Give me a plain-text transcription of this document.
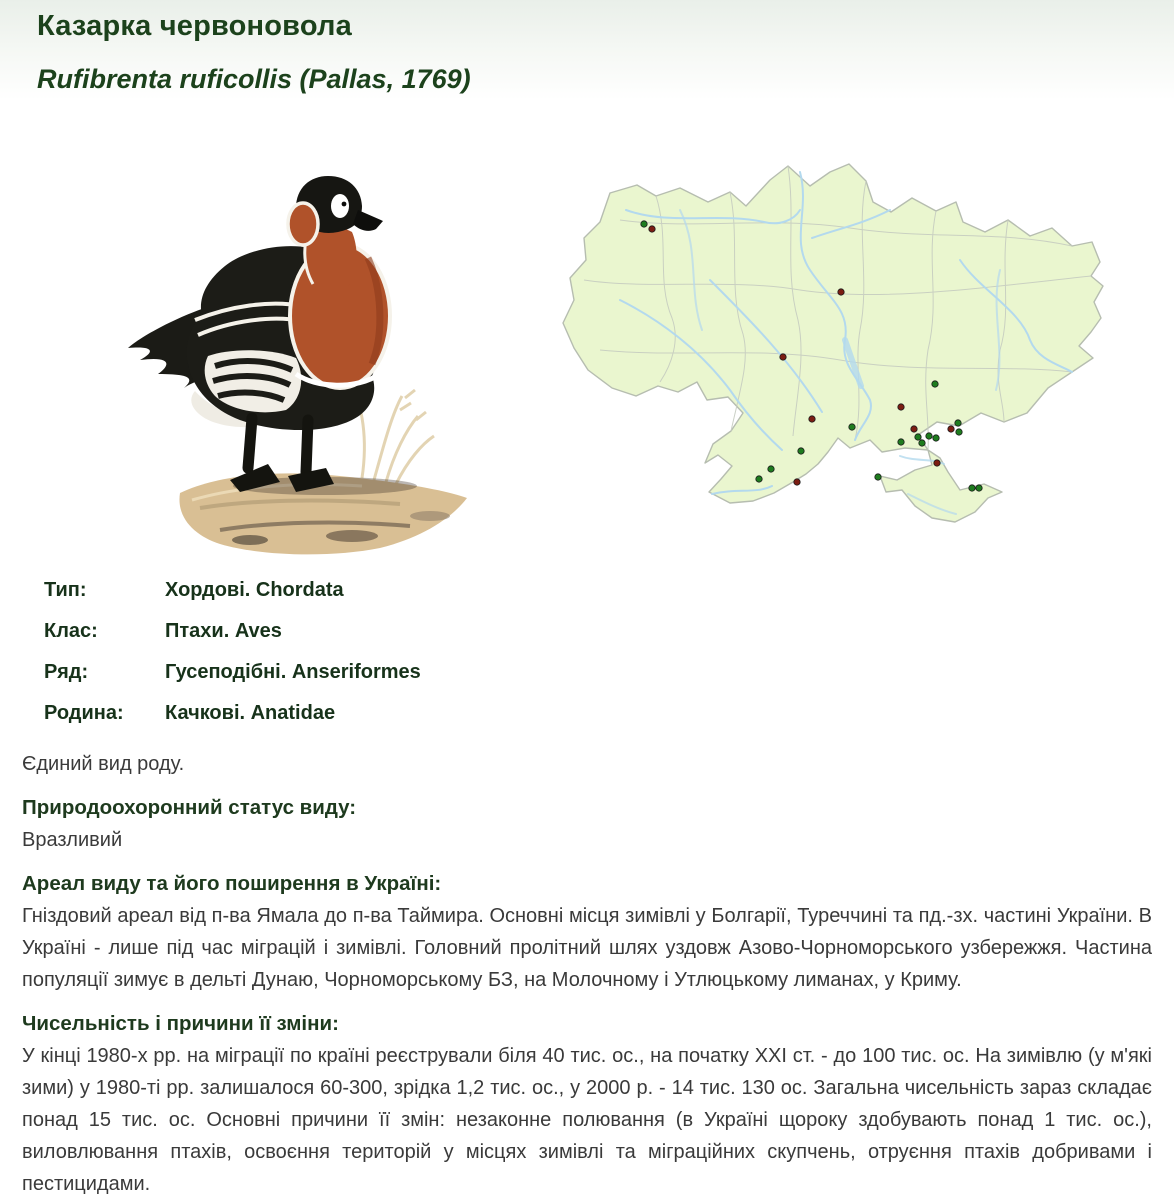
Казарка червоновола
Rufibrenta ruficollis (Pallas, 1769)
Тип:	Хордові. Chordata
Клас:	Птахи. Aves
Ряд:	Гусеподібні. Anseriformes
Родина:	Качкові. Anatidae

Єдиний вид роду.

Природоохоронний статус виду:

Вразливий

Ареал виду та його поширення в Україні:

Гніздовий ареал від п-ва Ямала до п-ва Таймира. Основні місця зимівлі у Болгарії, Туреччині та пд.-зх. частині України. В Україні - лише під час міграцій і зимівлі. Головний пролітний шлях уздовж Азово-Чорноморського узбережжя. Частина популяції зимує в дельті Дунаю, Чорноморському БЗ, на Молочному і Утлюцькому лиманах, у Криму.

Чисельність і причини її зміни:

У кінці 1980-х рр. на міграції по країні реєстрували біля 40 тис. ос., на початку XXI ст. - до 100 тис. ос. На зимівлю (у м'які зими) у 1980-ті рр. залишалося 60-300, зрідка 1,2 тис. ос., у 2000 р. - 14 тис. 130 ос. Загальна чисельність зараз складає понад 15 тис. ос. Основні причини її змін: незаконне полювання (в Україні щороку здобувають понад 1 тис. ос.), виловлювання птахів, освоєння територій у місцях зимівлі та міграційних скупчень, отруєння птахів добривами і пестицидами.
